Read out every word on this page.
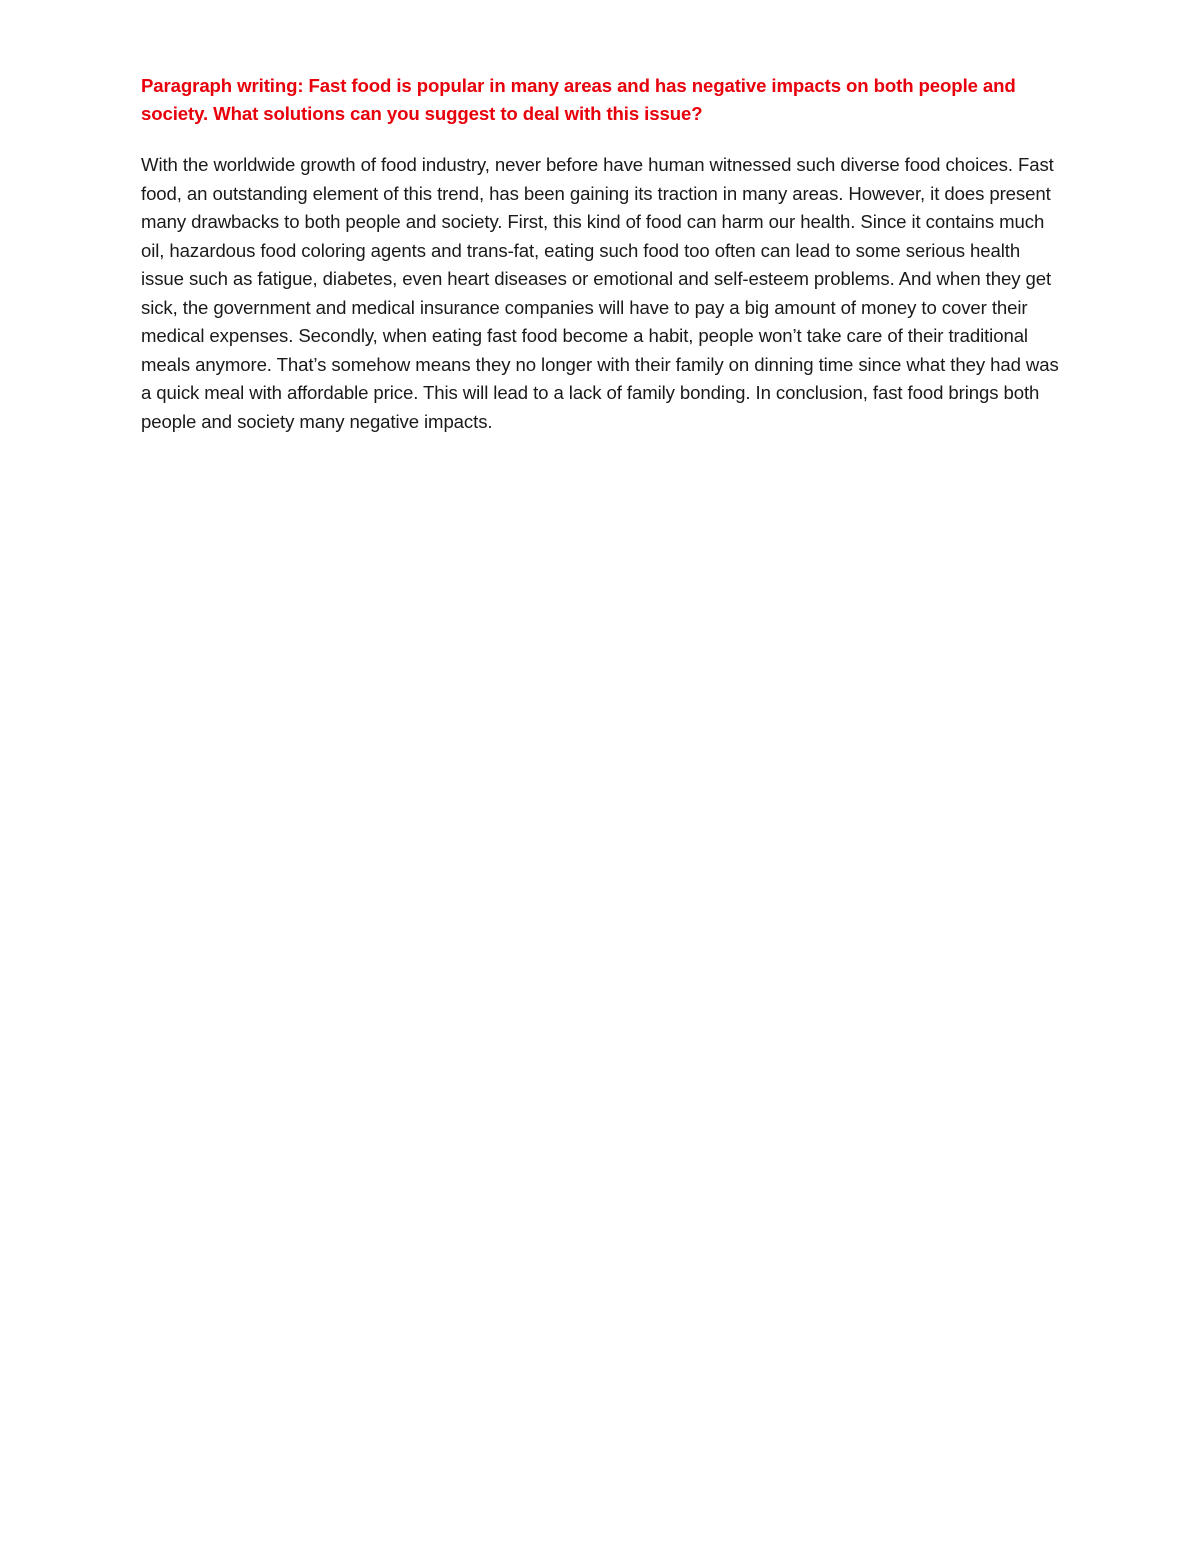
Paragraph writing: Fast food is popular in many areas and has negative impacts on both people and society. What solutions can you suggest to deal with this issue?

With the worldwide growth of food industry, never before have human witnessed such diverse food choices. Fast food, an outstanding element of this trend, has been gaining its traction in many areas. However, it does present many drawbacks to both people and society. First, this kind of food can harm our health. Since it contains much oil, hazardous food coloring agents and trans-fat, eating such food too often can lead to some serious health issue such as fatigue, diabetes, even heart diseases or emotional and self-esteem problems. And when they get sick, the government and medical insurance companies will have to pay a big amount of money to cover their medical expenses. Secondly, when eating fast food become a habit, people won’t take care of their traditional meals anymore. That’s somehow means they no longer with their family on dinning time since what they had was a quick meal with affordable price. This will lead to a lack of family bonding. In conclusion, fast food brings both people and society many negative impacts.
